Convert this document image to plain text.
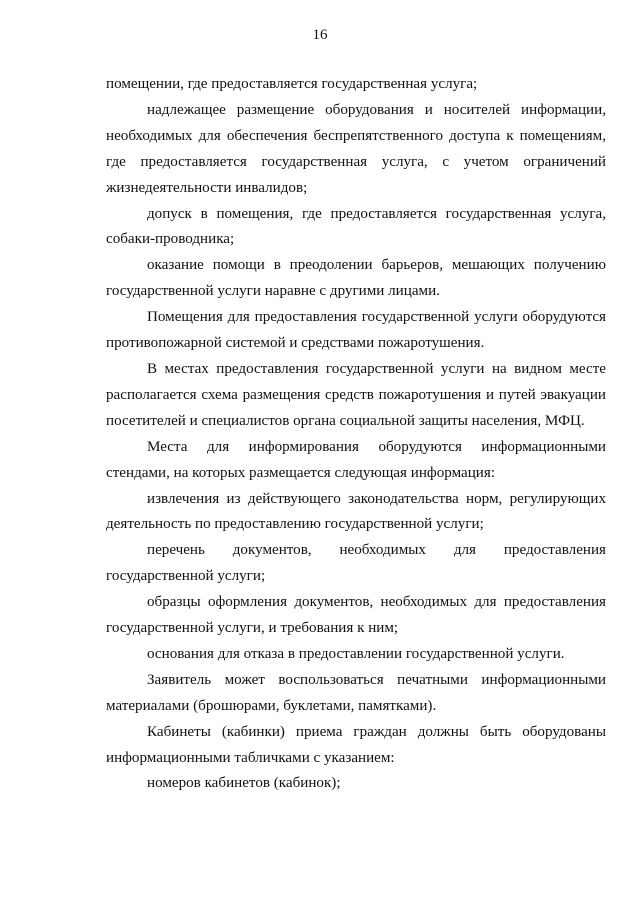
16

помещении, где предоставляется государственная услуга;

надлежащее размещение оборудования и носителей информации, необходимых для обеспечения беспрепятственного доступа к помещениям, где предоставляется государственная услуга, с учетом ограничений жизнедеятельности инвалидов;

допуск в помещения, где предоставляется государственная услуга, собаки-проводника;

оказание помощи в преодолении барьеров, мешающих получению государственной услуги наравне с другими лицами.

Помещения для предоставления государственной услуги оборудуются противопожарной системой и средствами пожаротушения.

В местах предоставления государственной услуги на видном месте располагается схема размещения средств пожаротушения и путей эвакуации посетителей и специалистов органа социальной защиты населения, МФЦ.

Места для информирования оборудуются информационными стендами, на которых размещается следующая информация:

извлечения из действующего законодательства норм, регулирующих деятельность по предоставлению государственной услуги;

перечень документов, необходимых для предоставления государственной услуги;

образцы оформления документов, необходимых для предоставления государственной услуги, и требования к ним;

основания для отказа в предоставлении государственной услуги.

Заявитель может воспользоваться печатными информационными материалами (брошюрами, буклетами, памятками).

Кабинеты (кабинки) приема граждан должны быть оборудованы информационными табличками с указанием:

номеров кабинетов (кабинок);
